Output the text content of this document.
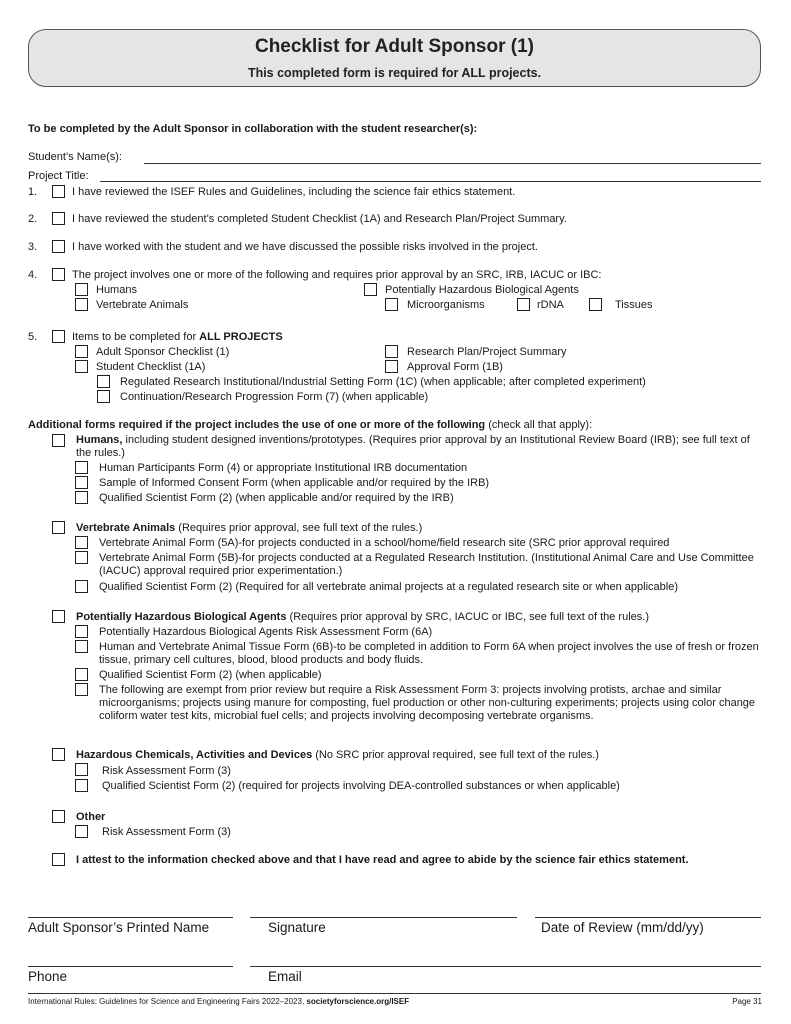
Checklist for Adult Sponsor (1)
This completed form is required for ALL projects.
To be completed by the Adult Sponsor in collaboration with the student researcher(s):
Student’s Name(s):
Project Title:
1.	I have reviewed the ISEF Rules and Guidelines, including the science fair ethics statement.
2.	I have reviewed the student’s completed Student Checklist (1A) and Research Plan/Project Summary.
3.	I have worked with the student and we have discussed the possible risks involved in the project.
4.	The project involves one or more of the following and requires prior approval by an SRC, IRB, IACUC or IBC:
Humans	Potentially Hazardous Biological Agents
Vertebrate Animals	Microorganisms	rDNA	Tissues
5.	Items to be completed for ALL PROJECTS
Adult Sponsor Checklist (1)	Research Plan/Project Summary
Student Checklist (1A)	Approval Form (1B)
Regulated Research Institutional/Industrial Setting Form (1C) (when applicable; after completed experiment)
Continuation/Research Progression Form (7) (when applicable)
Additional forms required if the project includes the use of one or more of the following (check all that apply):
Humans, including student designed inventions/prototypes. (Requires prior approval by an Institutional Review Board (IRB); see full text of the rules.)
Human Participants Form (4) or appropriate Institutional IRB documentation
Sample of Informed Consent Form (when applicable and/or required by the IRB)
Qualified Scientist Form (2) (when applicable and/or required by the IRB)
Vertebrate Animals (Requires prior approval, see full text of the rules.)
Vertebrate Animal Form (5A)-for projects conducted in a school/home/field research site (SRC prior approval required
Vertebrate Animal Form (5B)-for projects conducted at a Regulated Research Institution. (Institutional Animal Care and Use Committee (IACUC) approval required prior experimentation.)
Qualified Scientist Form (2) (Required for all vertebrate animal projects at a regulated research site or when applicable)
Potentially Hazardous Biological Agents (Requires prior approval by SRC, IACUC or IBC, see full text of the rules.)
Potentially Hazardous Biological Agents Risk Assessment Form (6A)
Human and Vertebrate Animal Tissue Form (6B)-to be completed in addition to Form 6A when project involves the use of fresh or frozen tissue, primary cell cultures, blood, blood products and body fluids.
Qualified Scientist Form (2) (when applicable)
The following are exempt from prior review but require a Risk Assessment Form 3: projects involving protists, archae and similar microorganisms; projects using manure for composting, fuel production or other non-culturing experiments; projects using color change coliform water test kits, microbial fuel cells; and projects involving decomposing vertebrate organisms.
Hazardous Chemicals, Activities and Devices (No SRC prior approval required, see full text of the rules.)
Risk Assessment Form (3)
Qualified Scientist Form (2) (required for projects involving DEA-controlled substances or when applicable)
Other
Risk Assessment Form (3)
I attest to the information checked above and that I have read and agree to abide by the science fair ethics statement.
Adult Sponsor’s Printed Name	Signature	Date of Review (mm/dd/yy)
Phone	Email
International Rules: Guidelines for Science and Engineering Fairs 2022–2023, societyforscience.org/ISEF	Page 31
